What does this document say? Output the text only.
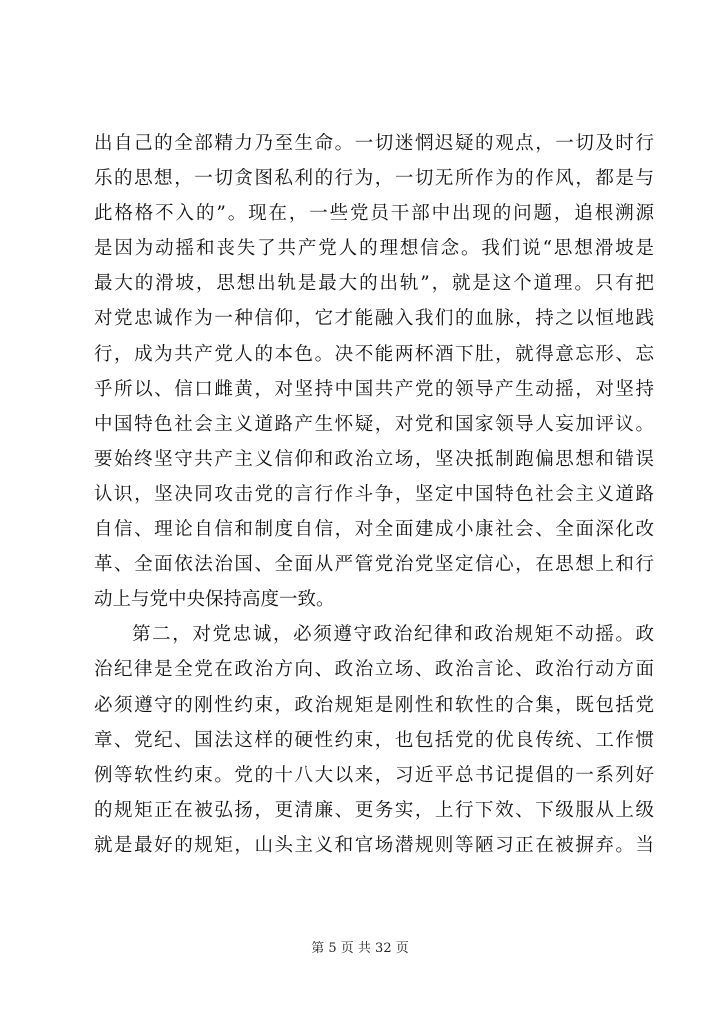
出自己的全部精力乃至生命。一切迷惘迟疑的观点，一切及时行
乐的思想，一切贪图私利的行为，一切无所作为的作风，都是与
此格格不入的”。现在，一些党员干部中出现的问题，追根溯源
是因为动摇和丧失了共产党人的理想信念。我们说“思想滑坡是
最大的滑坡，思想出轨是最大的出轨”，就是这个道理。只有把
对党忠诚作为一种信仰，它才能融入我们的血脉，持之以恒地践
行，成为共产党人的本色。决不能两杯酒下肚，就得意忘形、忘
乎所以、信口雌黄，对坚持中国共产党的领导产生动摇，对坚持
中国特色社会主义道路产生怀疑，对党和国家领导人妄加评议。
要始终坚守共产主义信仰和政治立场，坚决抵制跑偏思想和错误
认识，坚决同攻击党的言行作斗争，坚定中国特色社会主义道路
自信、理论自信和制度自信，对全面建成小康社会、全面深化改
革、全面依法治国、全面从严管党治党坚定信心，在思想上和行
动上与党中央保持高度一致。
第二，对党忠诚，必须遵守政治纪律和政治规矩不动摇。政
治纪律是全党在政治方向、政治立场、政治言论、政治行动方面
必须遵守的刚性约束，政治规矩是刚性和软性的合集，既包括党
章、党纪、国法这样的硬性约束，也包括党的优良传统、工作惯
例等软性约束。党的十八大以来，习近平总书记提倡的一系列好
的规矩正在被弘扬，更清廉、更务实，上行下效、下级服从上级
就是最好的规矩，山头主义和官场潜规则等陋习正在被摒弃。当
第 5 页 共 32 页
